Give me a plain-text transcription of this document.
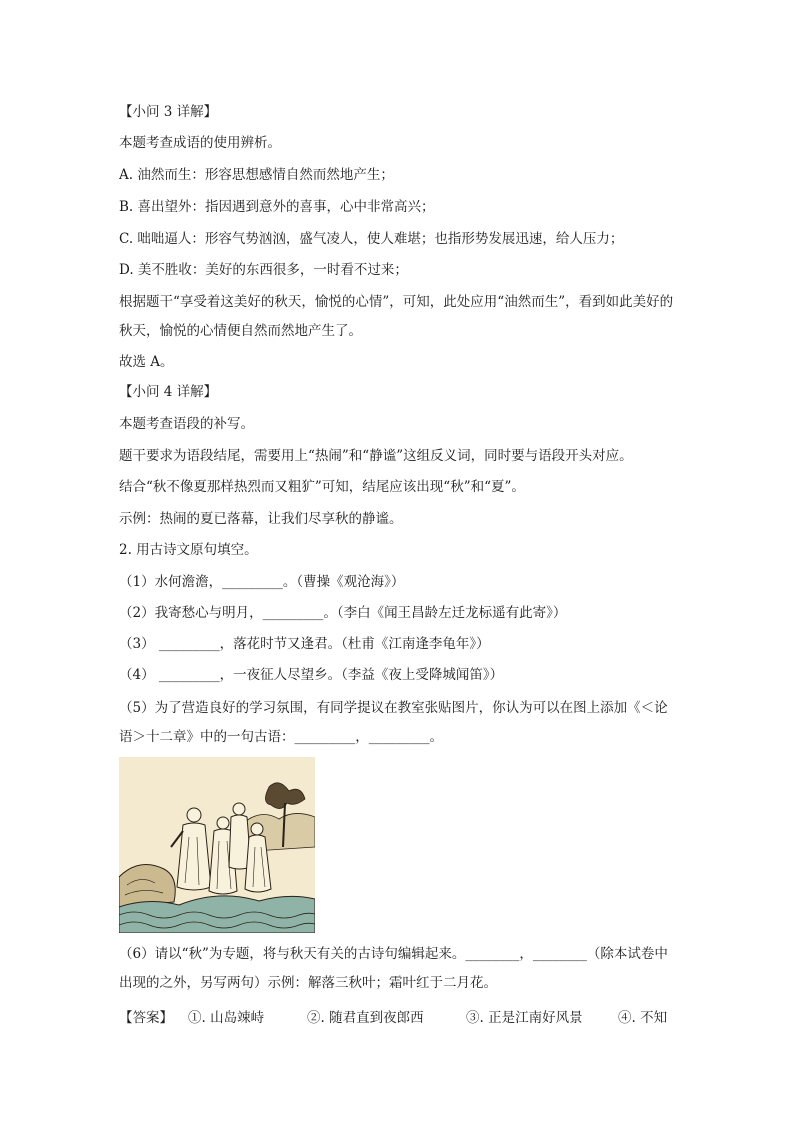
【小问 3 详解】
本题考查成语的使用辨析。
A. 油然而生：形容思想感情自然而然地产生；
B. 喜出望外：指因遇到意外的喜事，心中非常高兴；
C. 咄咄逼人：形容气势汹汹，盛气凌人，使人难堪；也指形势发展迅速，给人压力；
D. 美不胜收：美好的东西很多，一时看不过来；

根据题干“享受着这美好的秋天，愉悦的心情”，可知，此处应用“油然而生”，看到如此美好的秋天，愉悦的心情便自然而然地产生了。

故选 A。
【小问 4 详解】
本题考查语段的补写。
题干要求为语段结尾，需要用上“热闹”和“静谧”这组反义词，同时要与语段开头对应。
结合“秋不像夏那样热烈而又粗犷”可知，结尾应该出现“秋”和“夏”。
示例：热闹的夏已落幕，让我们尽享秋的静谧。
2. 用古诗文原句填空。
（1）水何澹澹，_________。（曹操《观沧海》）
（2）我寄愁心与明月，_________。（李白《闻王昌龄左迁龙标遥有此寄》）
（3） _________，落花时节又逢君。（杜甫《江南逢李龟年》）
（4） _________，一夜征人尽望乡。（李益《夜上受降城闻笛》）

（5）为了营造良好的学习氛围，有同学提议在教室张贴图片，你认为可以在图上添加《＜论语＞十二章》中的一句古语：_________，_________。

（6）请以“秋”为专题，将与秋天有关的古诗句编辑起来。________，________（除本试卷中出现的之外，另写两句）示例：解落三秋叶；霜叶红于二月花。

【答案】 ①. 山岛竦峙	②. 随君直到夜郎西	③. 正是江南好风景	④. 不知
